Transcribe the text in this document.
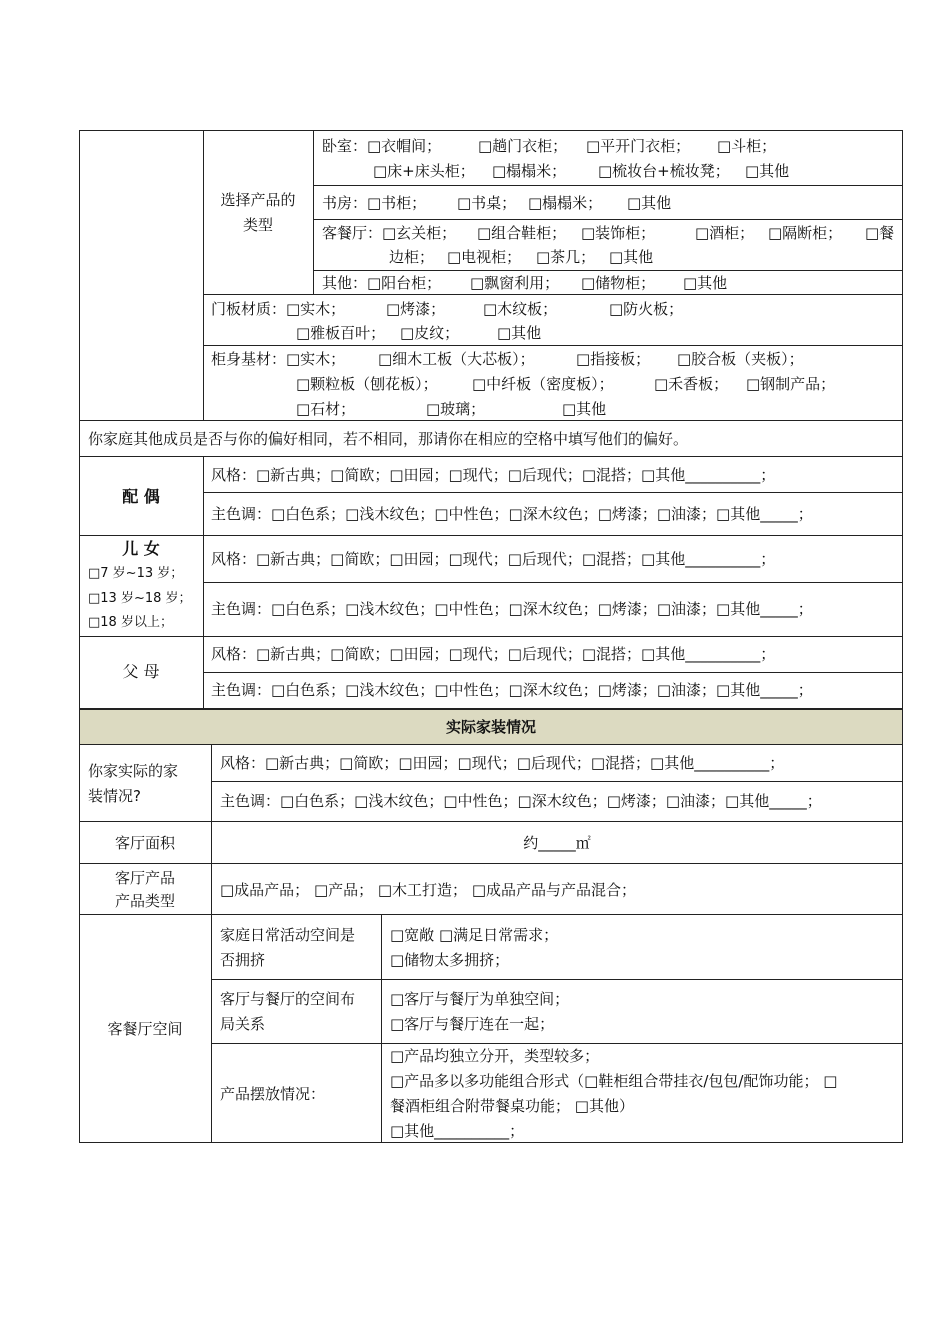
选择产品的
类型
卧室：□衣帽间； □趟门衣柜； □平开门衣柜； □斗柜；
□床+床头柜； □榻榻米； □梳妆台+梳妆凳； □其他
书房：□书柜； □书桌； □榻榻米； □其他
客餐厅：□玄关柜； □组合鞋柜； □装饰柜；	□酒柜； □隔断柜； □餐
边柜； □电视柜； □茶几； □其他
其他：□阳台柜； □飘窗利用； □储物柜； □其他
门板材质：□实木；	□烤漆；	□木纹板；	□防火板；
□雅板百叶； □皮纹；	□其他
柜身基材：□实木； □细木工板（大芯板）；	□指接板； □胶合板（夹板）；
□颗粒板（刨花板）； □中纤板（密度板）；	□禾香板； □钢制产品；
□石材；	□玻璃；	□其他
你家庭其他成员是否与你的偏好相同，若不相同，那请你在相应的空格中填写他们的偏好。
配 偶
风格：□新古典；□简欧；□田园；□现代；□后现代；□混搭；□其他__________；
主色调：□白色系；□浅木纹色；□中性色；□深木纹色；□烤漆；□油漆；□其他_____；
儿 女
□7 岁~13 岁；
□13 岁~18 岁；
□18 岁以上；
风格：□新古典；□简欧；□田园；□现代；□后现代；□混搭；□其他__________；
主色调：□白色系；□浅木纹色；□中性色；□深木纹色；□烤漆；□油漆；□其他_____；
父 母
风格：□新古典；□简欧；□田园；□现代；□后现代；□混搭；□其他__________；
主色调：□白色系；□浅木纹色；□中性色；□深木纹色；□烤漆；□油漆；□其他_____；
实际家装情况
你家实际的家
装情况?
风格：□新古典；□简欧；□田园；□现代；□后现代；□混搭；□其他__________；
主色调：□白色系；□浅木纹色；□中性色；□深木纹色；□烤漆；□油漆；□其他_____；
客厅面积	约_____㎡
客厅产品
产品类型
□成品产品； □产品； □木工打造； □成品产品与产品混合；
客餐厅空间
家庭日常活动空间是
否拥挤
□宽敞 □满足日常需求；
□储物太多拥挤；
客厅与餐厅的空间布
局关系
□客厅与餐厅为单独空间；
□客厅与餐厅连在一起；
产品摆放情况：
□产品均独立分开，类型较多；
□产品多以多功能组合形式（□鞋柜组合带挂衣/包包/配饰功能； □
餐酒柜组合附带餐桌功能； □其他）
□其他__________；
